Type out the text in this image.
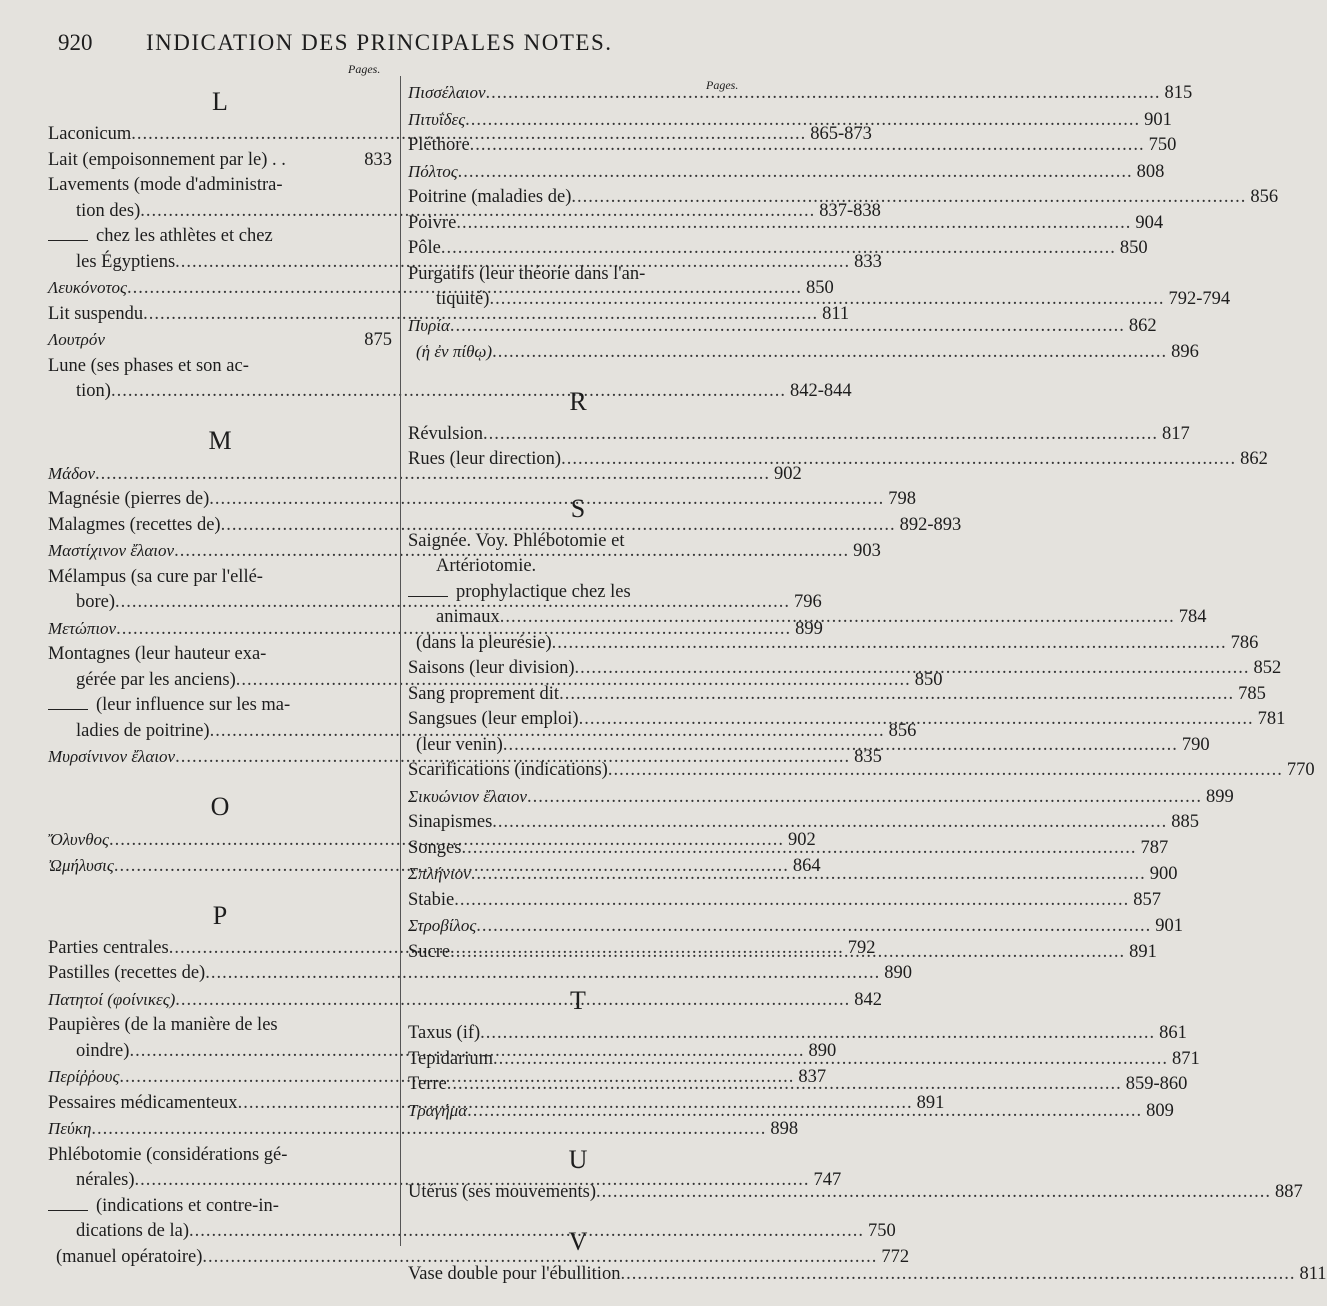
920 INDICATION DES PRINCIPALES NOTES.
Pages.
Pages.
L
Laconicum .....	865-873
Lait (empoisonnement par le) . .	833
Lavements (mode d'administra-
tion des) .....	837-838
chez les athlètes et chez
les Égyptiens .....	833
Λευκόνοτος .....	850
Lit suspendu .....	811
Λουτρόν	875
Lune (ses phases et son ac-
tion) .....	842-844
M
Μάδον .....	902
Magnésie (pierres de) .....	798
Malagmes (recettes de) .....	892-893
Μαστίχινον ἔλαιον .....	903
Mélampus (sa cure par l'ellé-
bore) .....	796
Μετώπιον .....	899
Montagnes (leur hauteur exa-
gérée par les anciens) .....	850
(leur influence sur les ma-
ladies de poitrine) .....	856
Μυρσίνινον ἔλαιον .....	835
O
Ὄλυνθος .....	902
Ὠμήλυσις .....	864
P
Parties centrales .....	792
Pastilles (recettes de) .....	890
Πατητοί (φοίνικες) .....	842
Paupières (de la manière de les
oindre) .....	890
Περίῤῥους .....	837
Pessaires médicamenteux .....	891
Πεύκη .....	898
Phlébotomie (considérations gé-
nérales) .....	747
(indications et contre-in-
dications de la) .....	750
(manuel opératoire) .....	772
Πισσέλαιον .....	815
Πιτυΐδες .....	901
Pléthore .....	750
Πόλτος .....	808
Poitrine (maladies de) .....	856
Poivre .....	904
Pôle .....	850
Purgatifs (leur théorie dans l'an-
tiquité) .....	792-794
Πυρία .....	862
(ἡ ἐν πίθῳ) .....	896
R
Révulsion .....	817
Rues (leur direction) .....	862
S
Saignée. Voy. Phlébotomie et
Artériotomie.
prophylactique chez les
animaux .....	784
(dans la pleurésie) .....	786
Saisons (leur division) .....	852
Sang proprement dit .....	785
Sangsues (leur emploi) .....	781
(leur venin) .....	790
Scarifications (indications) .....	770
Σικυώνιον ἔλαιον .....	899
Sinapismes .....	885
Songes .....	787
Σπλήνιον .....	900
Stabie .....	857
Στροβίλος .....	901
Sucre .....	891
T
Taxus (if) .....	861
Tepidarium .....	871
Terre .....	859-860
Τραγήμα .....	809
U
Utérus (ses mouvements) .....	887
V
Vase double pour l'ébullition .....	811
